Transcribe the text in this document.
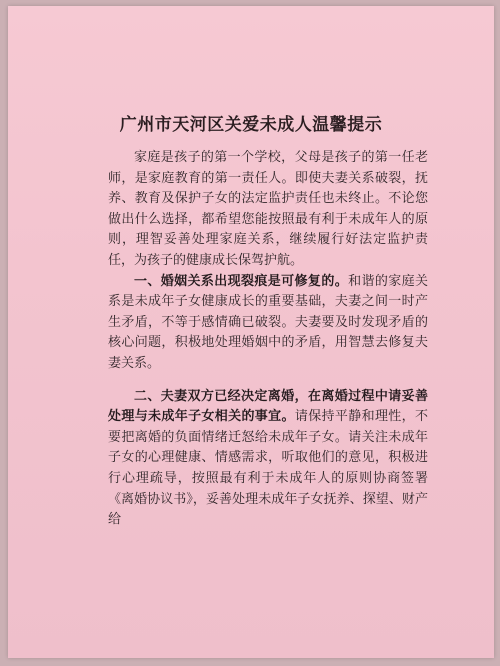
广州市天河区关爱未成人温馨提示

家庭是孩子的第一个学校，父母是孩子的第一任老师，是家庭教育的第一责任人。即使夫妻关系破裂，抚养、教育及保护子女的法定监护责任也未终止。不论您做出什么选择，都希望您能按照最有利于未成年人的原则，理智妥善处理家庭关系，继续履行好法定监护责任，为孩子的健康成长保驾护航。

一、婚姻关系出现裂痕是可修复的。和谐的家庭关系是未成年子女健康成长的重要基础，夫妻之间一时产生矛盾，不等于感情确已破裂。夫妻要及时发现矛盾的核心问题，积极地处理婚姻中的矛盾，用智慧去修复夫妻关系。

二、夫妻双方已经决定离婚，在离婚过程中请妥善处理与未成年子女相关的事宜。请保持平静和理性，不要把离婚的负面情绪迁怒给未成年子女。请关注未成年子女的心理健康、情感需求，听取他们的意见，积极进行心理疏导，按照最有利于未成年人的原则协商签署《离婚协议书》，妥善处理未成年子女抚养、探望、财产给
